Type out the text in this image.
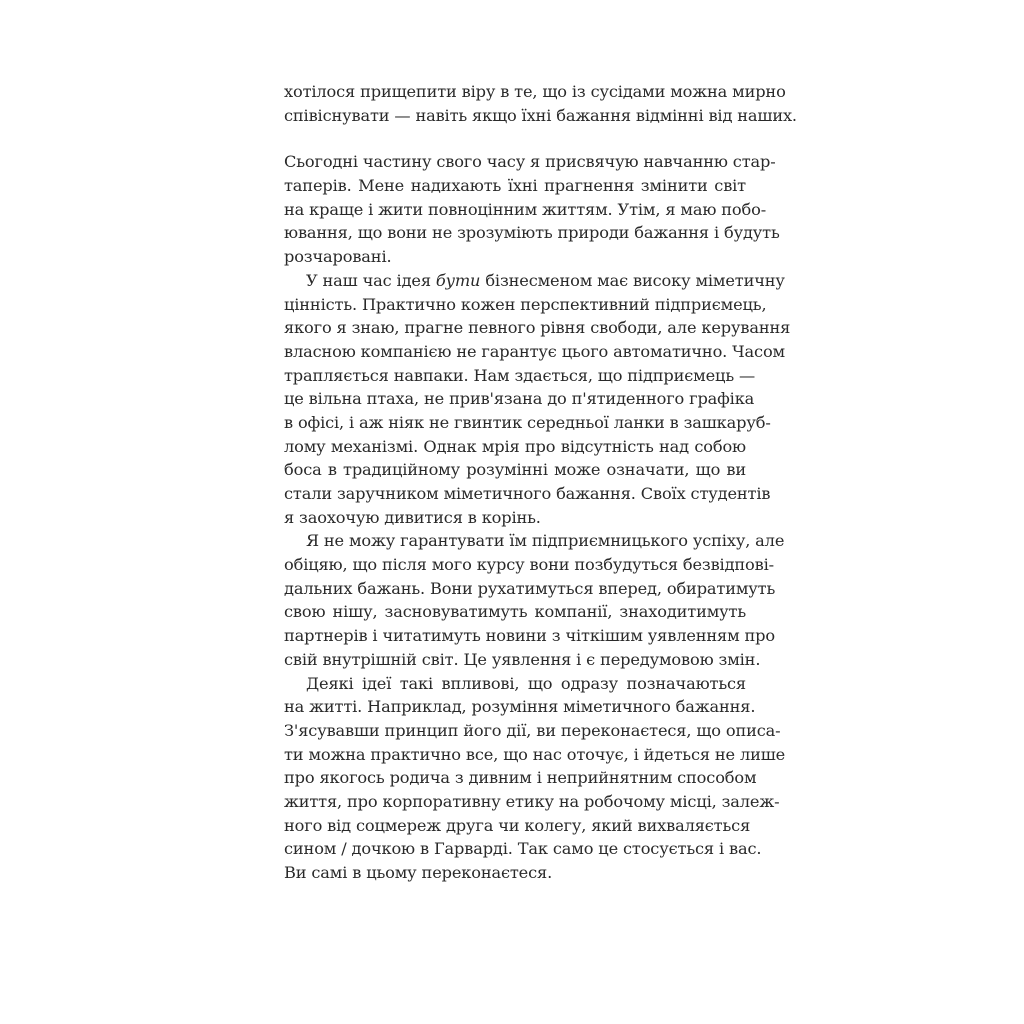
хотілося прищепити віру в те, що із сусідами можна мирно
співіснувати — навіть якщо їхні бажання відмінні від наших.
Сьогодні частину свого часу я присвячую навчанню стар-
таперів. Мене надихають їхні прагнення змінити світ
на краще і жити повноцінним життям. Утім, я маю побо-
ювання, що вони не зрозуміють природи бажання і будуть
розчаровані.
У наш час ідея бути бізнесменом має високу міметичну
цінність. Практично кожен перспективний підприємець,
якого я знаю, прагне певного рівня свободи, але керування
власною компанією не гарантує цього автоматично. Часом
трапляється навпаки. Нам здається, що підприємець —
це вільна птаха, не прив'язана до п'ятиденного графіка
в офісі, і аж ніяк не гвинтик середньої ланки в зашкаруб-
лому механізмі. Однак мрія про відсутність над собою
боса в традиційному розумінні може означати, що ви
стали заручником міметичного бажання. Своїх студентів
я заохочую дивитися в корінь.
Я не можу гарантувати їм підприємницького успіху, але
обіцяю, що після мого курсу вони позбудуться безвідпові-
дальних бажань. Вони рухатимуться вперед, обиратимуть
свою нішу, засновуватимуть компанії, знаходитимуть
партнерів і читатимуть новини з чіткішим уявленням про
свій внутрішній світ. Це уявлення і є передумовою змін.
Деякі ідеї такі впливові, що одразу позначаються
на житті. Наприклад, розуміння міметичного бажання.
З'ясувавши принцип його дії, ви переконаєтеся, що описа-
ти можна практично все, що нас оточує, і йдеться не лише
про якогось родича з дивним і неприйнятним способом
життя, про корпоративну етику на робочому місці, залеж-
ного від соцмереж друга чи колегу, який вихваляється
сином / дочкою в Гарварді. Так само це стосується і вас.
Ви самі в цьому переконаєтеся.
